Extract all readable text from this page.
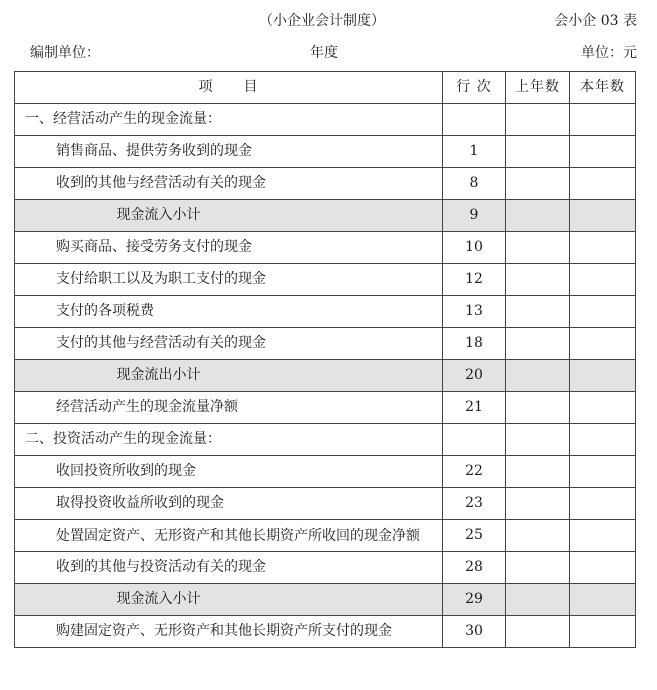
（小企业会计制度）	会小企 03 表
编制单位：	年度	单位：元
项　　目	行 次	上年数	本年数
一、经营活动产生的现金流量：			
销售商品、提供劳务收到的现金	1		
收到的其他与经营活动有关的现金	8		
现金流入小计	9		
购买商品、接受劳务支付的现金	10		
支付给职工以及为职工支付的现金	12		
支付的各项税费	13		
支付的其他与经营活动有关的现金	18		
现金流出小计	20		
经营活动产生的现金流量净额	21		
二、投资活动产生的现金流量：			
收回投资所收到的现金	22		
取得投资收益所收到的现金	23		
处置固定资产、无形资产和其他长期资产所收回的现金净额	25		
收到的其他与投资活动有关的现金	28		
现金流入小计	29		
购建固定资产、无形资产和其他长期资产所支付的现金	30		
